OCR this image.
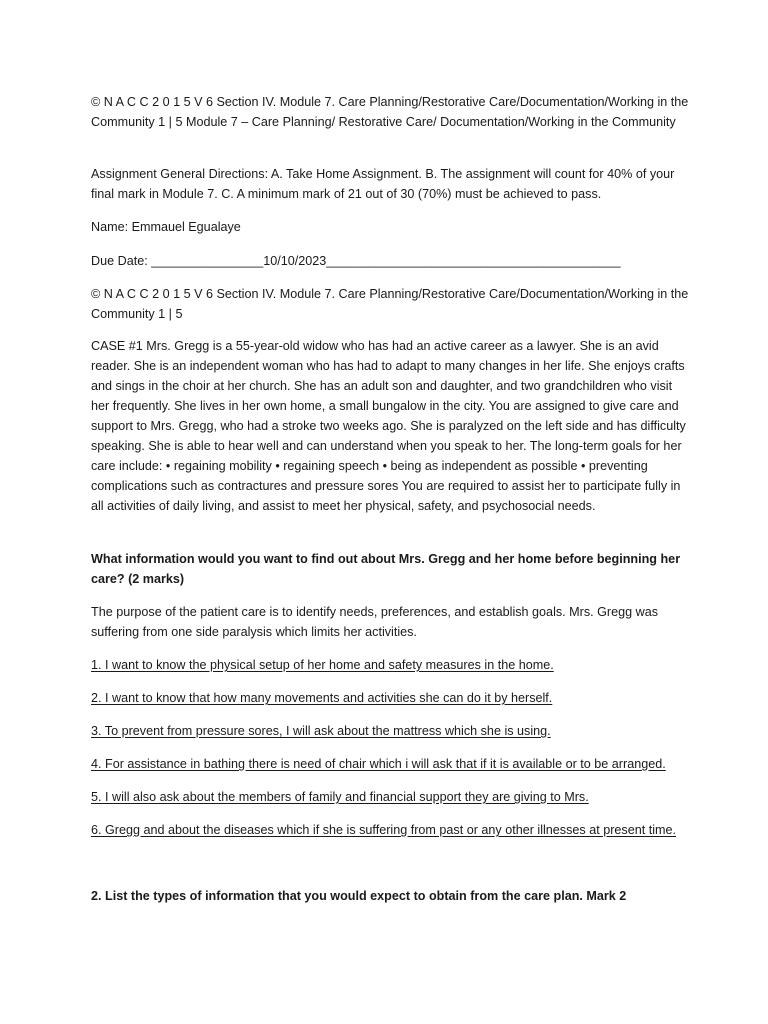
© N A C C 2 0 1 5 V 6 Section IV. Module 7. Care Planning/Restorative Care/Documentation/Working in the Community 1 | 5 Module 7 – Care Planning/ Restorative Care/ Documentation/Working in the Community

Assignment General Directions: A. Take Home Assignment. B. The assignment will count for 40% of your final mark in Module 7. C. A minimum mark of 21 out of 30 (70%) must be achieved to pass.

Name: Emmauel Egualaye

Due Date: ________________10/10/2023__________________________________________

© N A C C 2 0 1 5 V 6 Section IV. Module 7. Care Planning/Restorative Care/Documentation/Working in the Community 1 | 5

CASE #1 Mrs. Gregg is a 55-year-old widow who has had an active career as a lawyer. She is an avid reader. She is an independent woman who has had to adapt to many changes in her life. She enjoys crafts and sings in the choir at her church. She has an adult son and daughter, and two grandchildren who visit her frequently. She lives in her own home, a small bungalow in the city. You are assigned to give care and support to Mrs. Gregg, who had a stroke two weeks ago. She is paralyzed on the left side and has difficulty speaking. She is able to hear well and can understand when you speak to her. The long-term goals for her care include: • regaining mobility • regaining speech • being as independent as possible • preventing complications such as contractures and pressure sores You are required to assist her to participate fully in all activities of daily living, and assist to meet her physical, safety, and psychosocial needs.

What information would you want to find out about Mrs. Gregg and her home before beginning her care? (2 marks)

The purpose of the patient care is to identify needs, preferences, and establish goals. Mrs. Gregg was suffering from one side paralysis which limits her activities.

1. I want to know the physical setup of her home and safety measures in the home.

2. I want to know that how many movements and activities she can do it by herself.

3. To prevent from pressure sores, I will ask about the mattress which she is using.

4. For assistance in bathing there is need of chair which i will ask that if it is available or to be arranged.

5. I will also ask about the members of family and financial support they are giving to Mrs.

6. Gregg and about the diseases which if she is suffering from past or any other illnesses at present time.

2. List the types of information that you would expect to obtain from the care plan. Mark 2
